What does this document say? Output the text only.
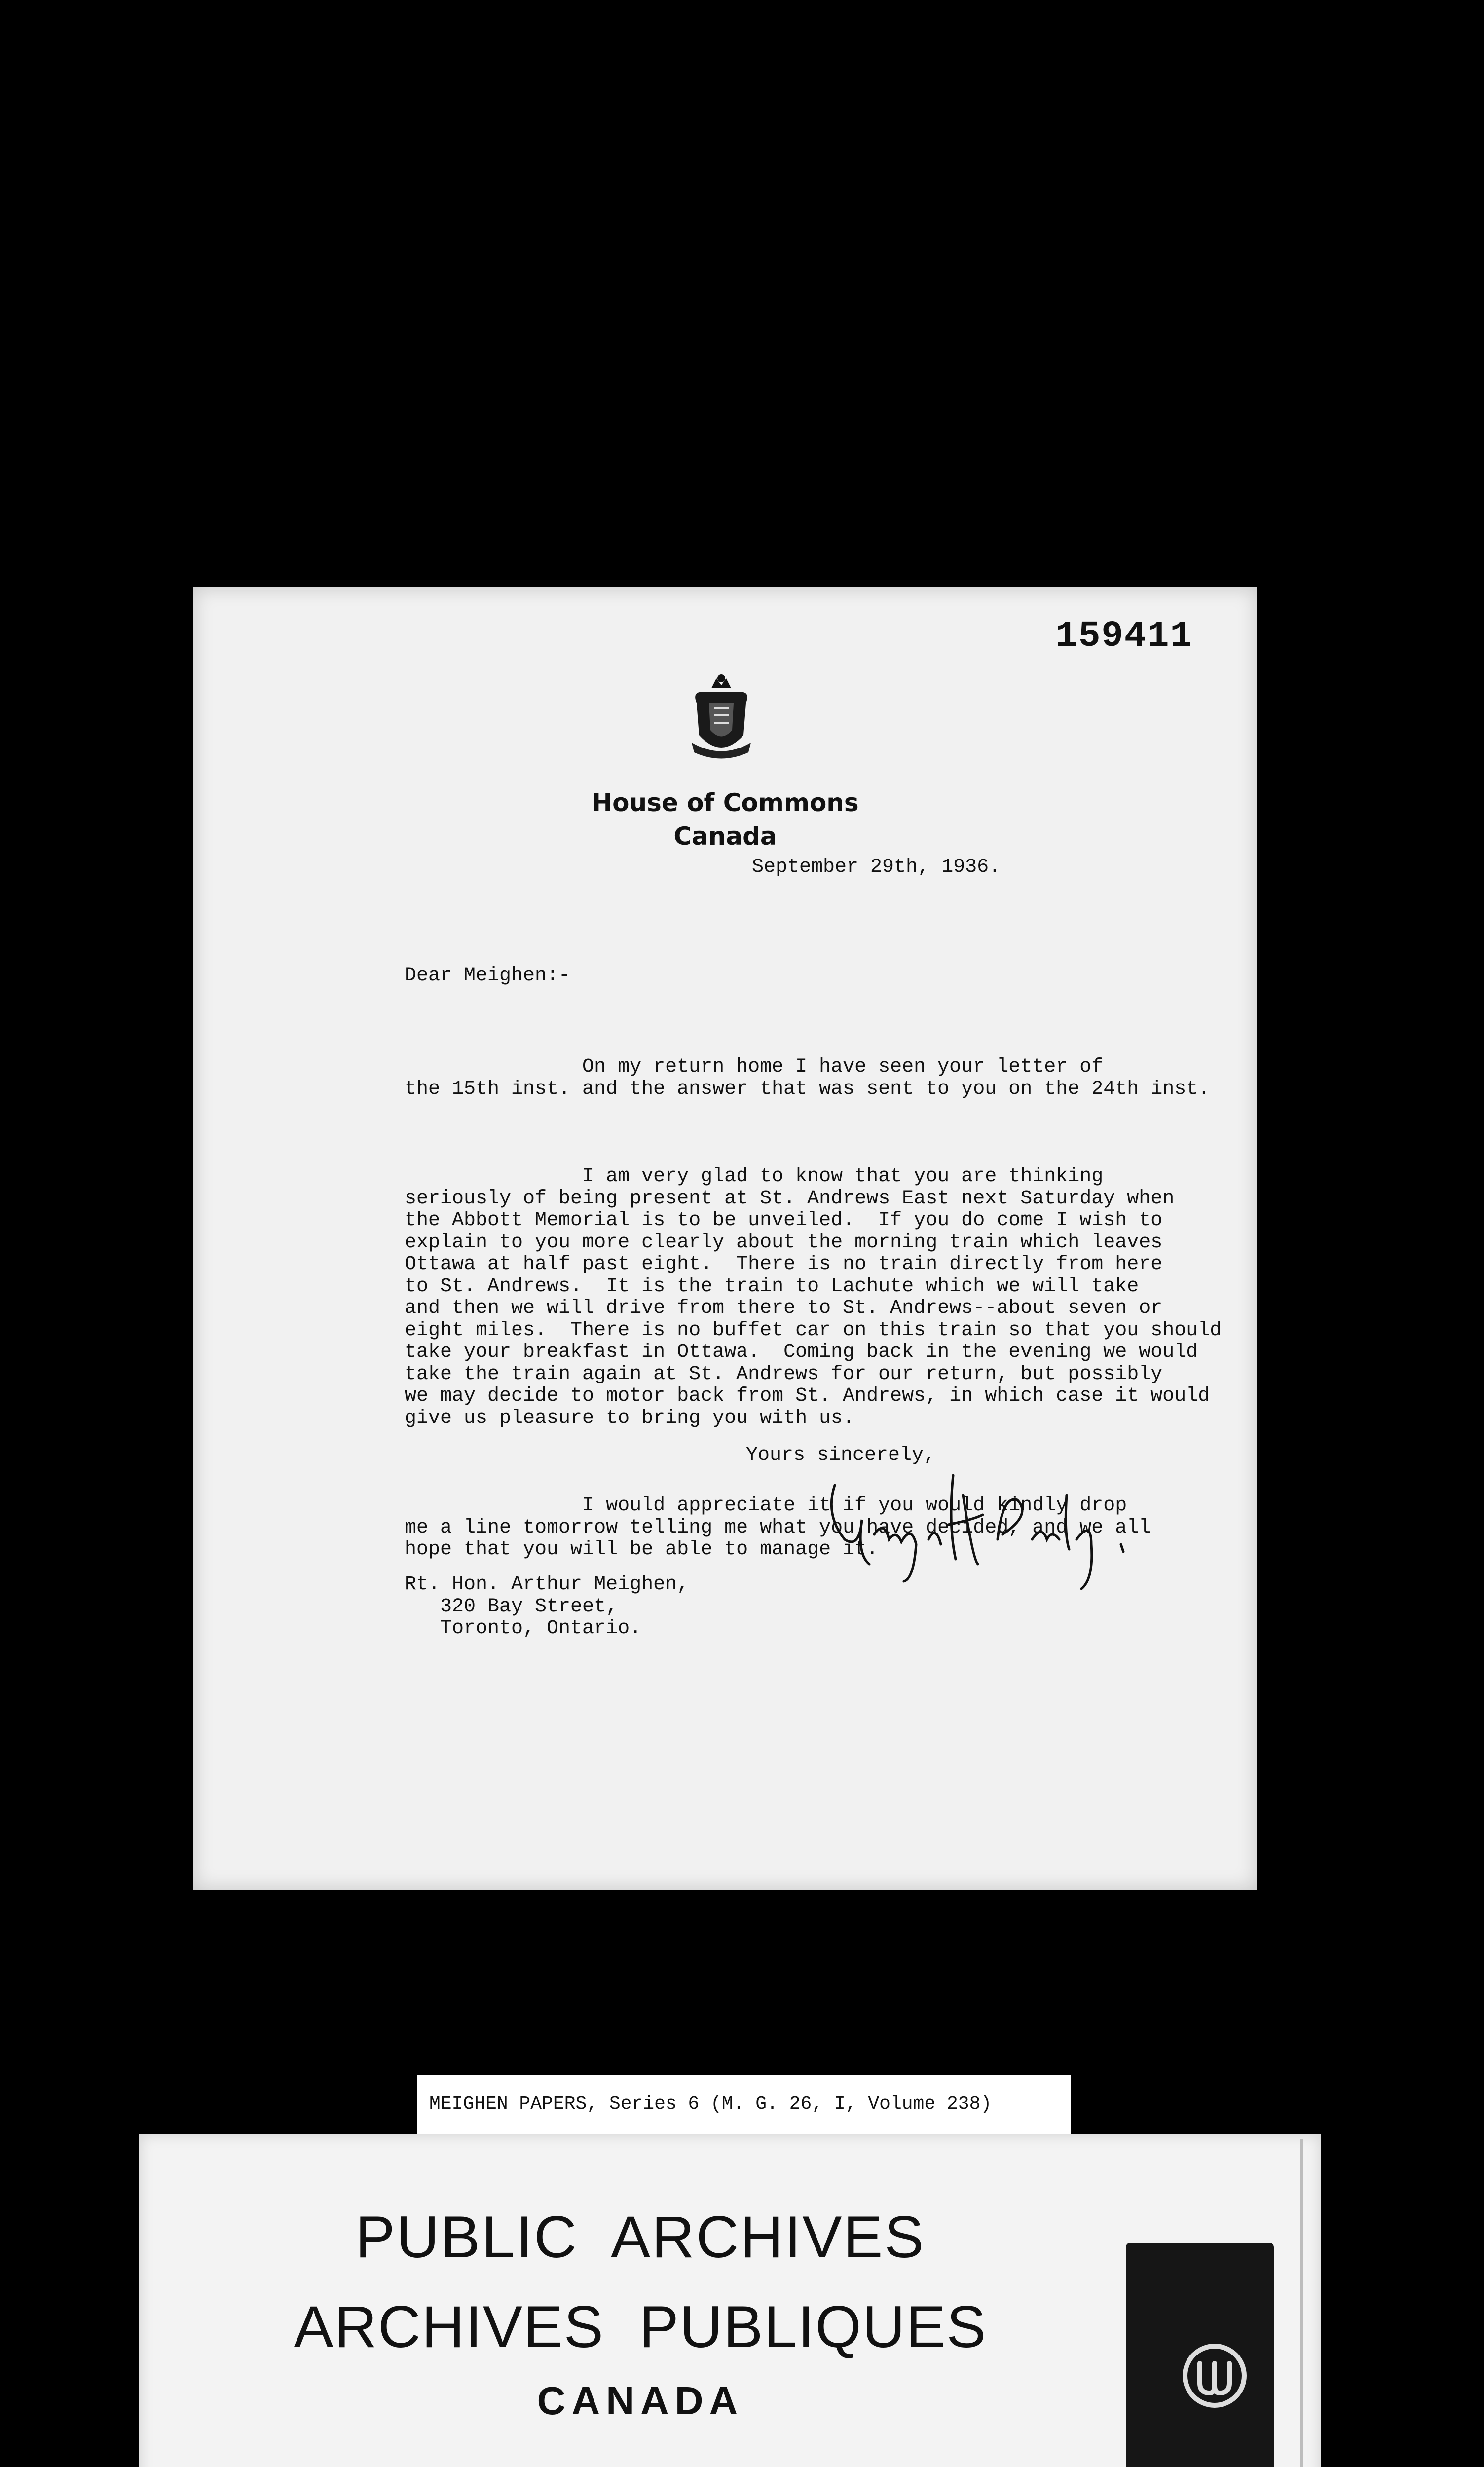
159411
House of Commons
Canada
September 29th, 1936.
Dear Meighen:-

On my return home I have seen your letter of
the 15th inst. and the answer that was sent to you on the 24th inst.

I am very glad to know that you are thinking
seriously of being present at St. Andrews East next Saturday when
the Abbott Memorial is to be unveiled.  If you do come I wish to
explain to you more clearly about the morning train which leaves
Ottawa at half past eight.  There is no train directly from here
to St. Andrews.  It is the train to Lachute which we will take
and then we will drive from there to St. Andrews--about seven or
eight miles.  There is no buffet car on this train so that you should
take your breakfast in Ottawa.  Coming back in the evening we would
take the train again at St. Andrews for our return, but possibly
we may decide to motor back from St. Andrews, in which case it would
give us pleasure to bring you with us.

I would appreciate it if you would kindly drop
me a line tomorrow telling me what you have decided, and we all
hope that you will be able to manage it.

Yours sincerely,
Rt. Hon. Arthur Meighen,
320 Bay Street,
Toronto, Ontario.
MEIGHEN PAPERS, Series 6 (M. G. 26, I, Volume 238)
PUBLIC  ARCHIVES
ARCHIVES  PUBLIQUES
CANADA
